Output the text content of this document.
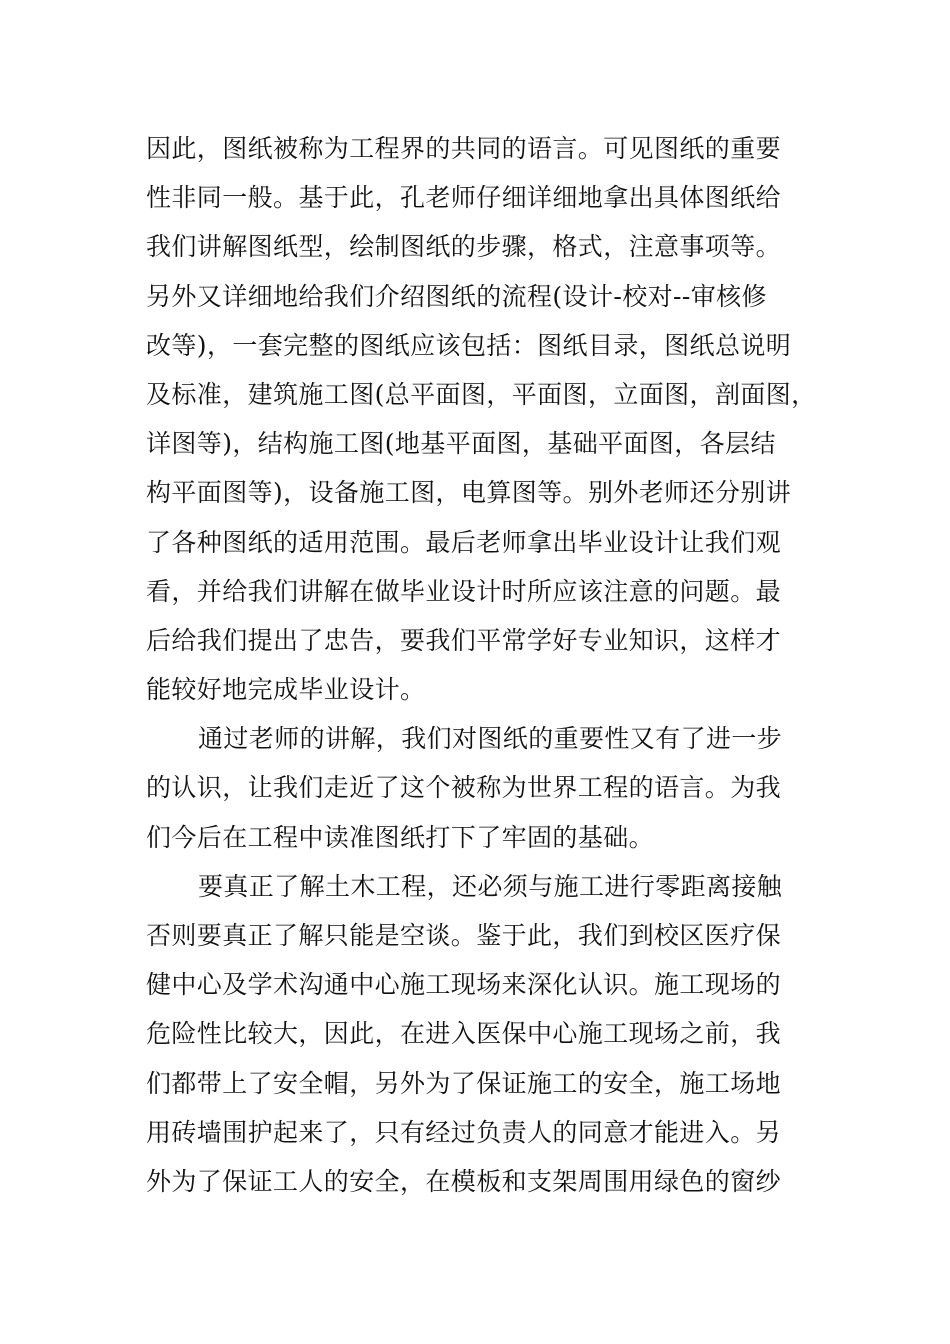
因此，图纸被称为工程界的共同的语言。可见图纸的重要
性非同一般。基于此，孔老师仔细详细地拿出具体图纸给
我们讲解图纸型，绘制图纸的步骤，格式，注意事项等。
另外又详细地给我们介绍图纸的流程(设计-校对--审核修
改等)，一套完整的图纸应该包括：图纸目录，图纸总说明
及标准，建筑施工图(总平面图，平面图，立面图，剖面图，
详图等)，结构施工图(地基平面图，基础平面图，各层结
构平面图等)，设备施工图，电算图等。别外老师还分别讲
了各种图纸的适用范围。最后老师拿出毕业设计让我们观
看，并给我们讲解在做毕业设计时所应该注意的问题。最
后给我们提出了忠告，要我们平常学好专业知识，这样才
能较好地完成毕业设计。
通过老师的讲解，我们对图纸的重要性又有了进一步
的认识，让我们走近了这个被称为世界工程的语言。为我
们今后在工程中读准图纸打下了牢固的基础。
要真正了解土木工程，还必须与施工进行零距离接触
否则要真正了解只能是空谈。鉴于此，我们到校区医疗保
健中心及学术沟通中心施工现场来深化认识。施工现场的
危险性比较大，因此，在进入医保中心施工现场之前，我
们都带上了安全帽，另外为了保证施工的安全，施工场地
用砖墙围护起来了，只有经过负责人的同意才能进入。另
外为了保证工人的安全，在模板和支架周围用绿色的窗纱
